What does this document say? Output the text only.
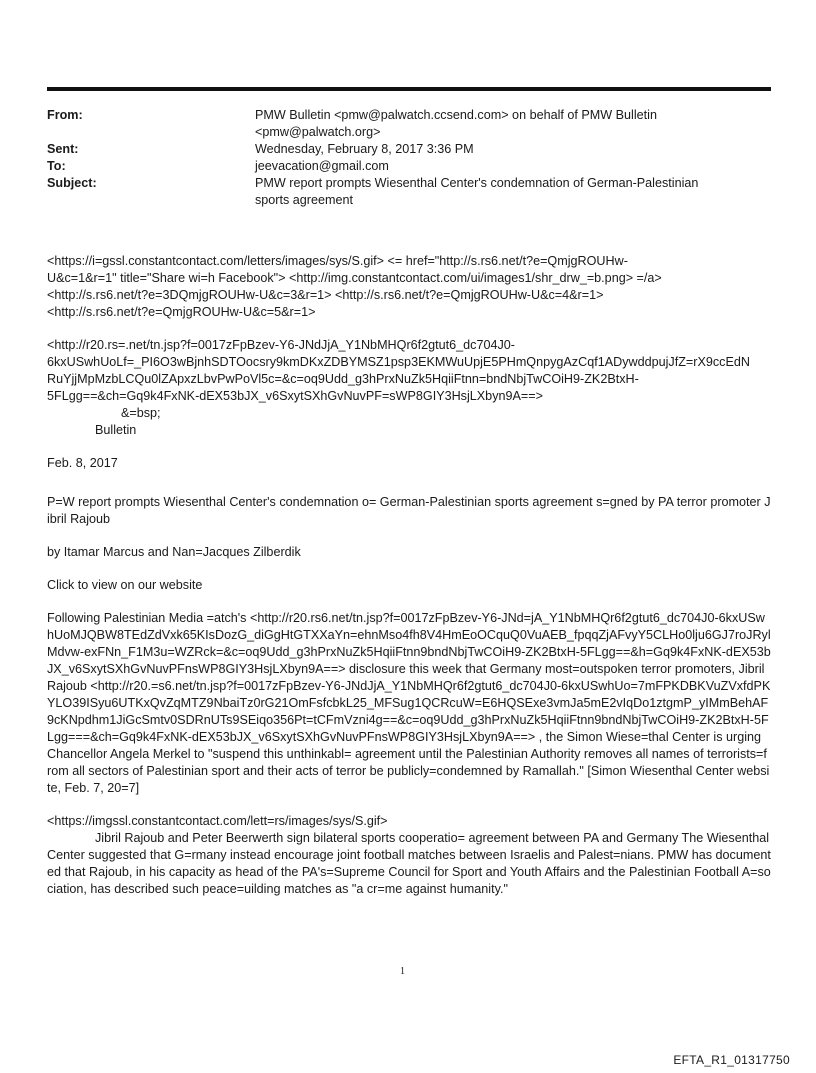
From:	PMW Bulletin <pmw@palwatch.ccsend.com> on behalf of PMW Bulletin
<pmw@palwatch.org>
Sent:	Wednesday, February 8, 2017 3:36 PM
To:	jeevacation@gmail.com
Subject:	PMW report prompts Wiesenthal Center's condemnation of German-Palestinian
sports agreement

<https://i=gssl.constantcontact.com/letters/images/sys/S.gif> <= href="http://s.rs6.net/t?e=QmjgROUHw-
U&c=1&r=1" title="Share wi=h Facebook"> <http://img.constantcontact.com/ui/images1/shr_drw_=b.png> =/a>
<http://s.rs6.net/t?e=3DQmjgROUHw-U&c=3&r=1> <http://s.rs6.net/t?e=QmjgROUHw-U&c=4&r=1>
<http://s.rs6.net/t?e=QmjgROUHw-U&c=5&r=1>

<http://r20.rs=.net/tn.jsp?f=0017zFpBzev-Y6-JNdJjA_Y1NbMHQr6f2gtut6_dc704J0-
6kxUSwhUoLf=_PI6O3wBjnhSDTOocsry9kmDKxZDBYMSZ1psp3EKMWuUpjE5PHmQnpygAzCqf1ADywddpujJfZ=rX9ccEdN
RuYjjMpMzbLCQu0lZApxzLbvPwPoVl5c=&c=oq9Udd_g3hPrxNuZk5HqiiFtnn=bndNbjTwCOiH9-ZK2BtxH-
5FLgg==&ch=Gq9k4FxNK-dEX53bJX_v6SxytSXhGvNuvPF=sWP8GIY3HsjLXbyn9A==>
&=bsp;
Bulletin

Feb. 8, 2017

P=W report prompts Wiesenthal Center's condemnation o= German-Palestinian sports agreement s=gned by PA terror promoter Jibril Rajoub

by Itamar Marcus and Nan=Jacques Zilberdik

Click to view on our website

Following Palestinian Media =atch's <http://r20.rs6.net/tn.jsp?f=0017zFpBzev-Y6-JNd=jA_Y1NbMHQr6f2gtut6_dc704J0-6kxUSwhUoMJQBW8TEdZdVxk65KIsDozG_diGgHtGTXXaYn=ehnMso4fh8V4HmEoOCquQ0VuAEB_fpqqZjAFvyY5CLHo0lju6GJ7roJRylMdvw-exFNn_F1M3u=WZRck=&c=oq9Udd_g3hPrxNuZk5HqiiFtnn9bndNbjTwCOiH9-ZK2BtxH-5FLgg==&h=Gq9k4FxNK-dEX53bJX_v6SxytSXhGvNuvPFnsWP8GIY3HsjLXbyn9A==> disclosure this week that Germany most=outspoken terror promoters, Jibril Rajoub <http://r20.=s6.net/tn.jsp?f=0017zFpBzev-Y6-JNdJjA_Y1NbMHQr6f2gtut6_dc704J0-6kxUSwhUo=7mFPKDBKVuZVxfdPKYLO39ISyu6UTKxQvZqMTZ9NbaiTz0rG21OmFsfcbkL25_MFSug1QCRcuW=E6HQSExe3vmJa5mE2vIqDo1ztgmP_yIMmBehAF9cKNpdhm1JiGcSmtv0SDRnUTs9SEiqo356Pt=tCFmVzni4g==&c=oq9Udd_g3hPrxNuZk5HqiiFtnn9bndNbjTwCOiH9-ZK2BtxH-5FLgg===&ch=Gq9k4FxNK-dEX53bJX_v6SxytSXhGvNuvPFnsWP8GIY3HsjLXbyn9A==> , the Simon Wiese=thal Center is urging Chancellor Angela Merkel to "suspend this unthinkabl= agreement until the Palestinian Authority removes all names of terrorists=from all sectors of Palestinian sport and their acts of terror be publicly=condemned by Ramallah." [Simon Wiesenthal Center website, Feb. 7, 20=7]

<https://imgssl.constantcontact.com/lett=rs/images/sys/S.gif>

Jibril Rajoub and Peter Beerwerth sign bilateral sports cooperatio= agreement between PA and Germany The Wiesenthal Center suggested that G=rmany instead encourage joint football matches between Israelis and Palest=nians. PMW has documented that Rajoub, in his capacity as head of the PA's=Supreme Council for Sport and Youth Affairs and the Palestinian Football A=sociation, has described such peace=uilding matches as "a cr=me against humanity."

1
EFTA_R1_01317750
